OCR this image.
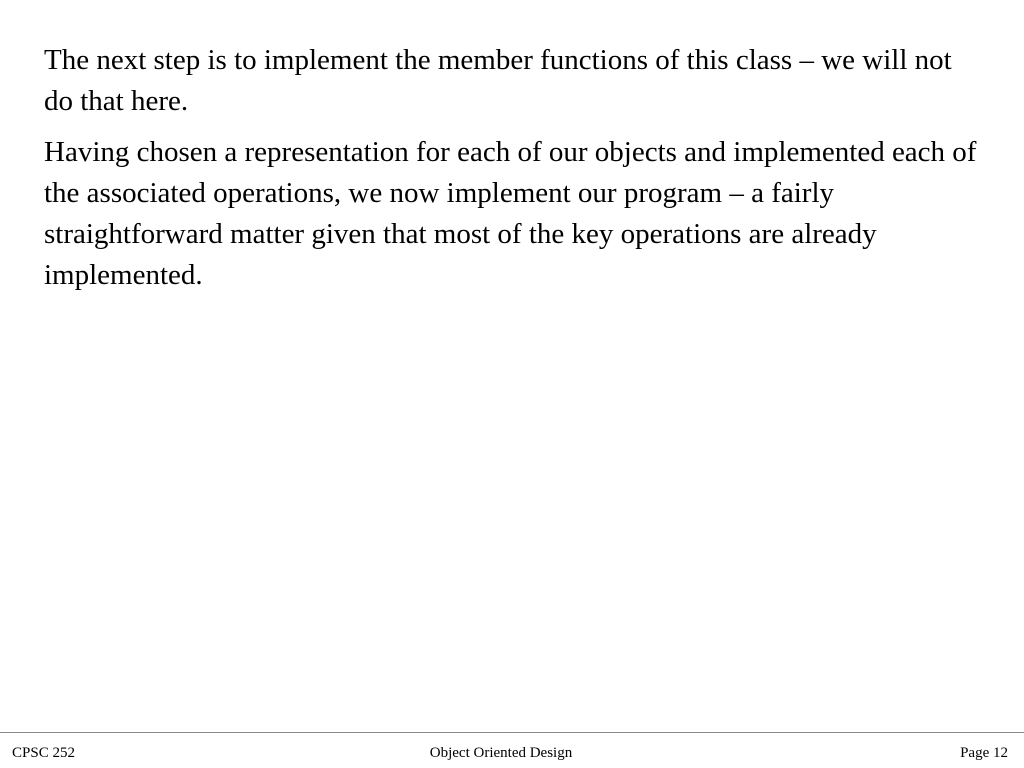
The next step is to implement the member functions of this class – we will not do that here.

Having chosen a representation for each of our objects and implemented each of the associated operations, we now implement our program – a fairly straightforward matter given that most of the key operations are already implemented.

CPSC 252	Object Oriented Design	Page 12
